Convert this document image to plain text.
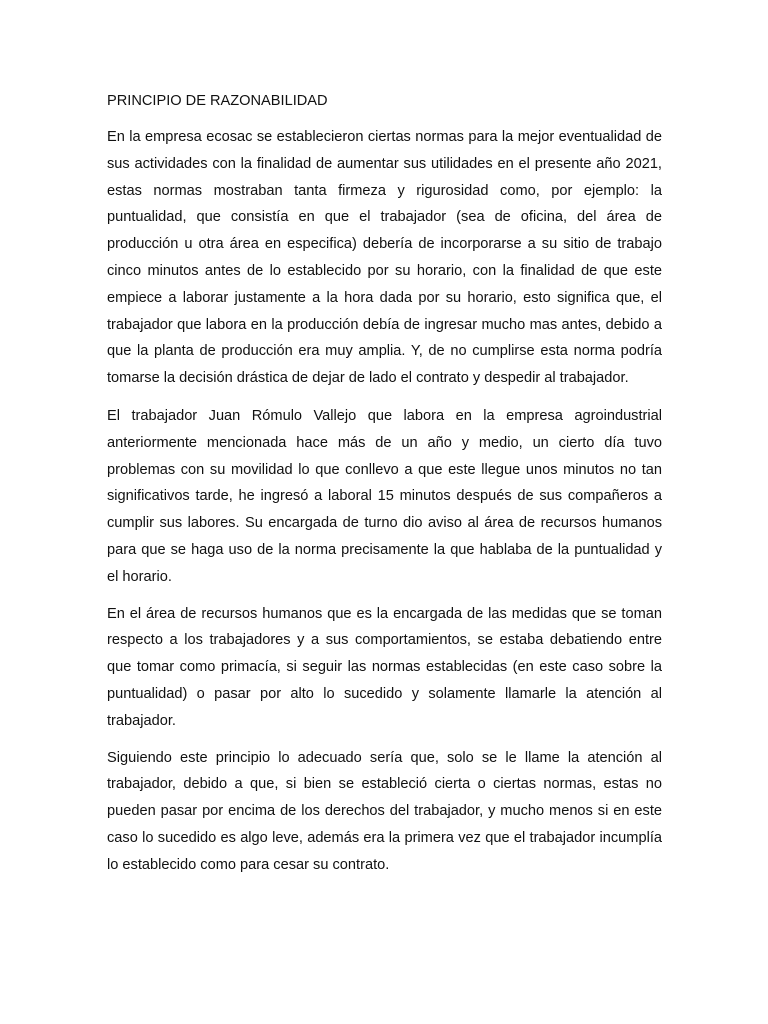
PRINCIPIO DE RAZONABILIDAD

En la empresa ecosac se establecieron ciertas normas para la mejor eventualidad de sus actividades con la finalidad de aumentar sus utilidades en el presente año 2021, estas normas mostraban tanta firmeza y rigurosidad como, por ejemplo: la puntualidad, que consistía en que el trabajador (sea de oficina, del área de producción u otra área en especifica) debería de incorporarse a su sitio de trabajo cinco minutos antes de lo establecido por su horario, con la finalidad de que este empiece a laborar justamente a la hora dada por su horario, esto significa que, el trabajador que labora en la producción debía de ingresar mucho mas antes, debido a que la planta de producción era muy amplia. Y, de no cumplirse esta norma podría tomarse la decisión drástica de dejar de lado el contrato y despedir al trabajador.

El trabajador Juan Rómulo Vallejo que labora en la empresa agroindustrial anteriormente mencionada hace más de un año y medio, un cierto día tuvo problemas con su movilidad lo que conllevo a que este llegue unos minutos no tan significativos tarde, he ingresó a laboral 15 minutos después de sus compañeros a cumplir sus labores. Su encargada de turno dio aviso al área de recursos humanos para que se haga uso de la norma precisamente la que hablaba de la puntualidad y el horario.

En el área de recursos humanos que es la encargada de las medidas que se toman respecto a los trabajadores y a sus comportamientos, se estaba debatiendo entre que tomar como primacía, si seguir las normas establecidas (en este caso sobre la puntualidad) o pasar por alto lo sucedido y solamente llamarle la atención al trabajador.

Siguiendo este principio lo adecuado sería que, solo se le llame la atención al trabajador, debido a que, si bien se estableció cierta o ciertas normas, estas no pueden pasar por encima de los derechos del trabajador, y mucho menos si en este caso lo sucedido es algo leve, además era la primera vez que el trabajador incumplía lo establecido como para cesar su contrato.
